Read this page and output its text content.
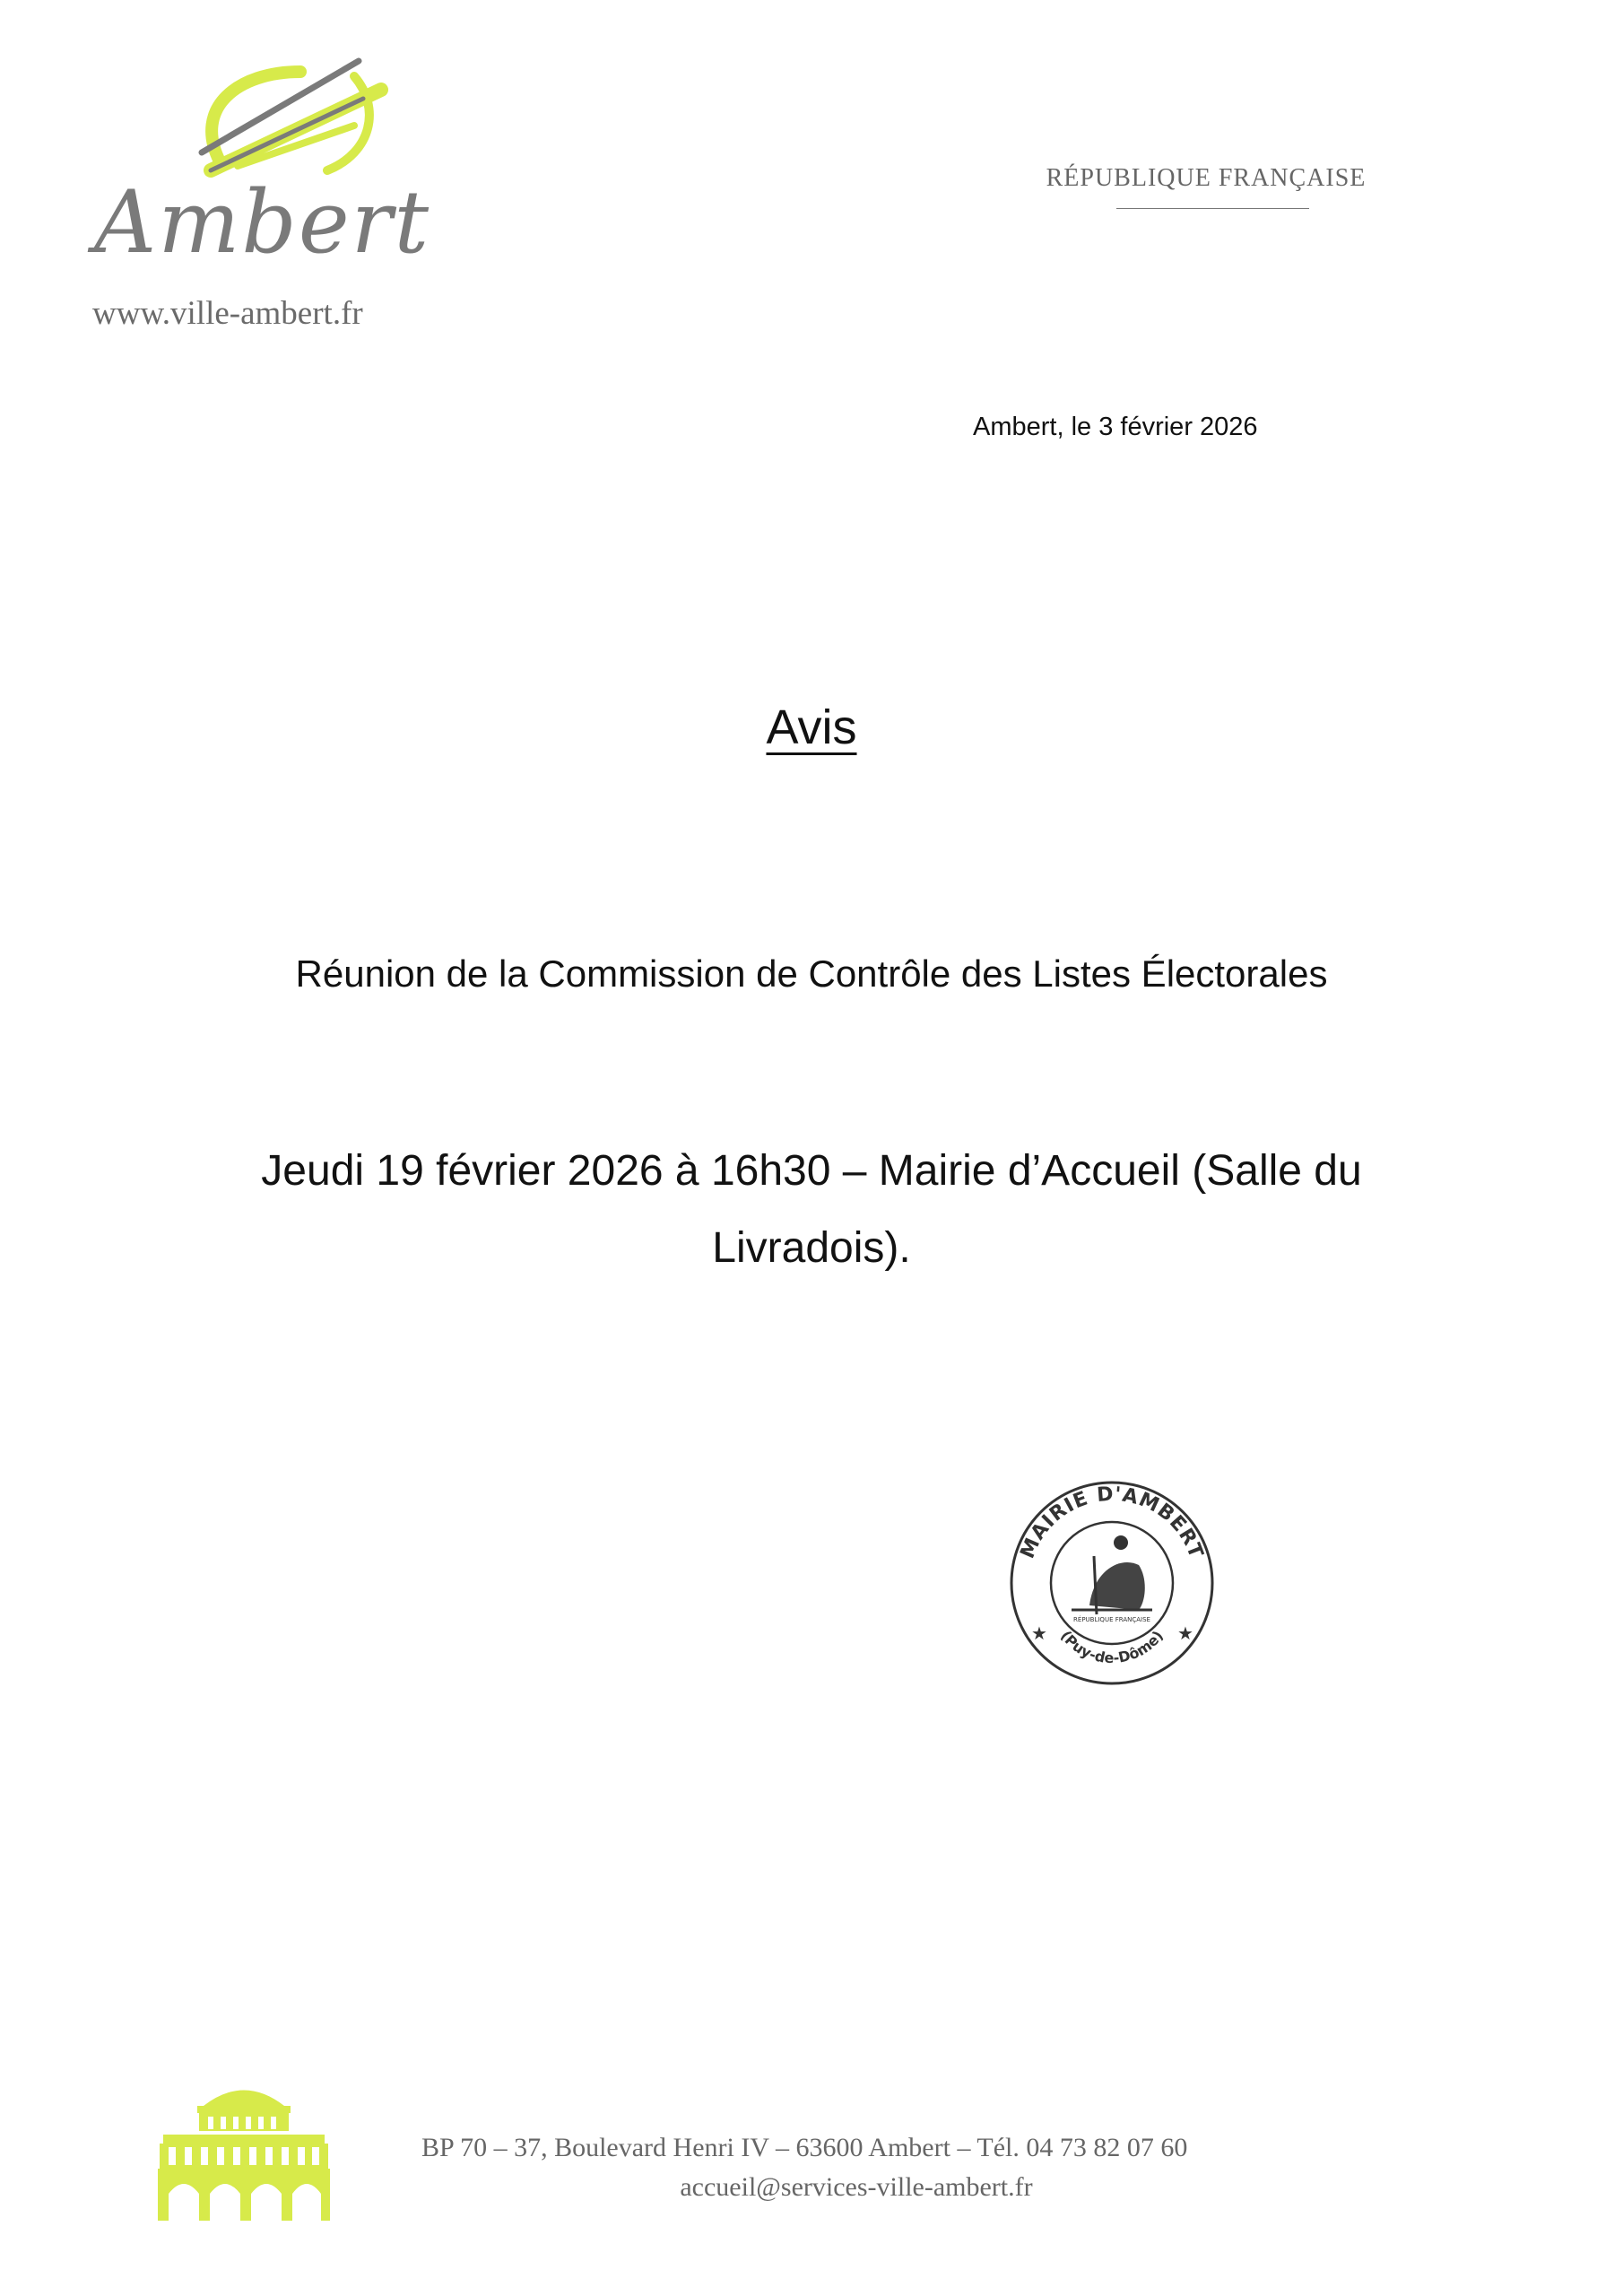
Ambert
www.ville-ambert.fr
RÉPUBLIQUE FRANÇAISE
Ambert, le 3 février 2026
Avis
Réunion de la Commission de Contrôle des Listes Électorales
Jeudi 19 février 2026 à 16h30 – Mairie d’Accueil (Salle du Livradois).
MAIRIE D'AMBERT
(Puy-de-Dôme)
★	★
RÉPUBLIQUE FRANÇAISE
BP 70 – 37, Boulevard Henri IV – 63600 Ambert – Tél. 04 73 82 07 60
accueil@services-ville-ambert.fr
